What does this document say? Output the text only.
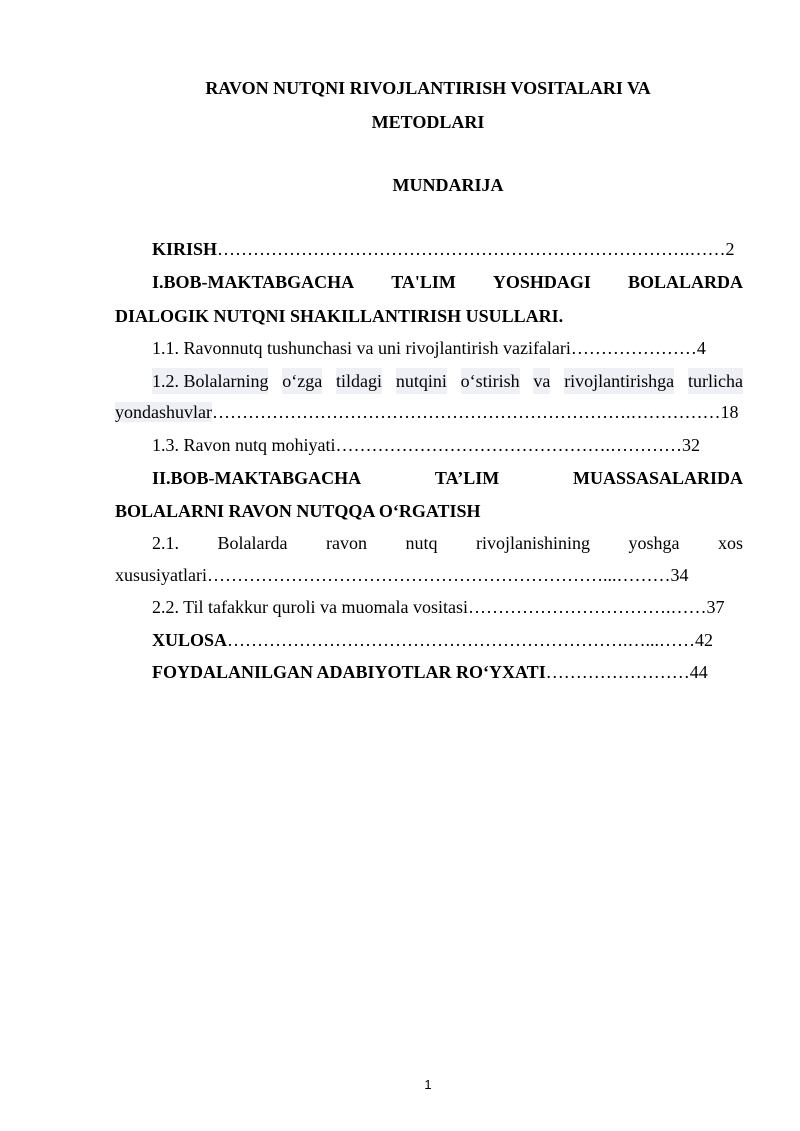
RAVON NUTQNI RIVOJLANTIRISH VOSITALARI VA
METODLARI
MUNDARIJA
KIRISH…………………………………………………………………….……2
I.BOB-MAKTABGACHA TA'LIM YOSHDAGI BOLALARDA
DIALOGIK NUTQNI SHAKILLANTIRISH USULLARI.
1.1. Ravonnutq tushunchasi va uni rivojlantirish vazifalari…………………4
1.2. Bolalarning o‘zga tildagi nutqini o‘stirish va rivojlantirishga turlicha
yondashuvlar…………………………………………………………….……………18
1.3. Ravon nutq mohiyati……………………………………….…………32
II.BOB-MAKTABGACHA	TA’LIM	MUASSASALARIDA
BOLALARNI RAVON NUTQQA O‘RGATISH
2.1. Bolalarda ravon nutq rivojlanishining yoshga xos
xususiyatlari…………………………………………………………...………34
2.2. Til tafakkur quroli va muomala vositasi…………………………….……37
XULOSA………………………………………………………….…...……42
FOYDALANILGAN ADABIYOTLAR RO‘YXATI……………………44
1
